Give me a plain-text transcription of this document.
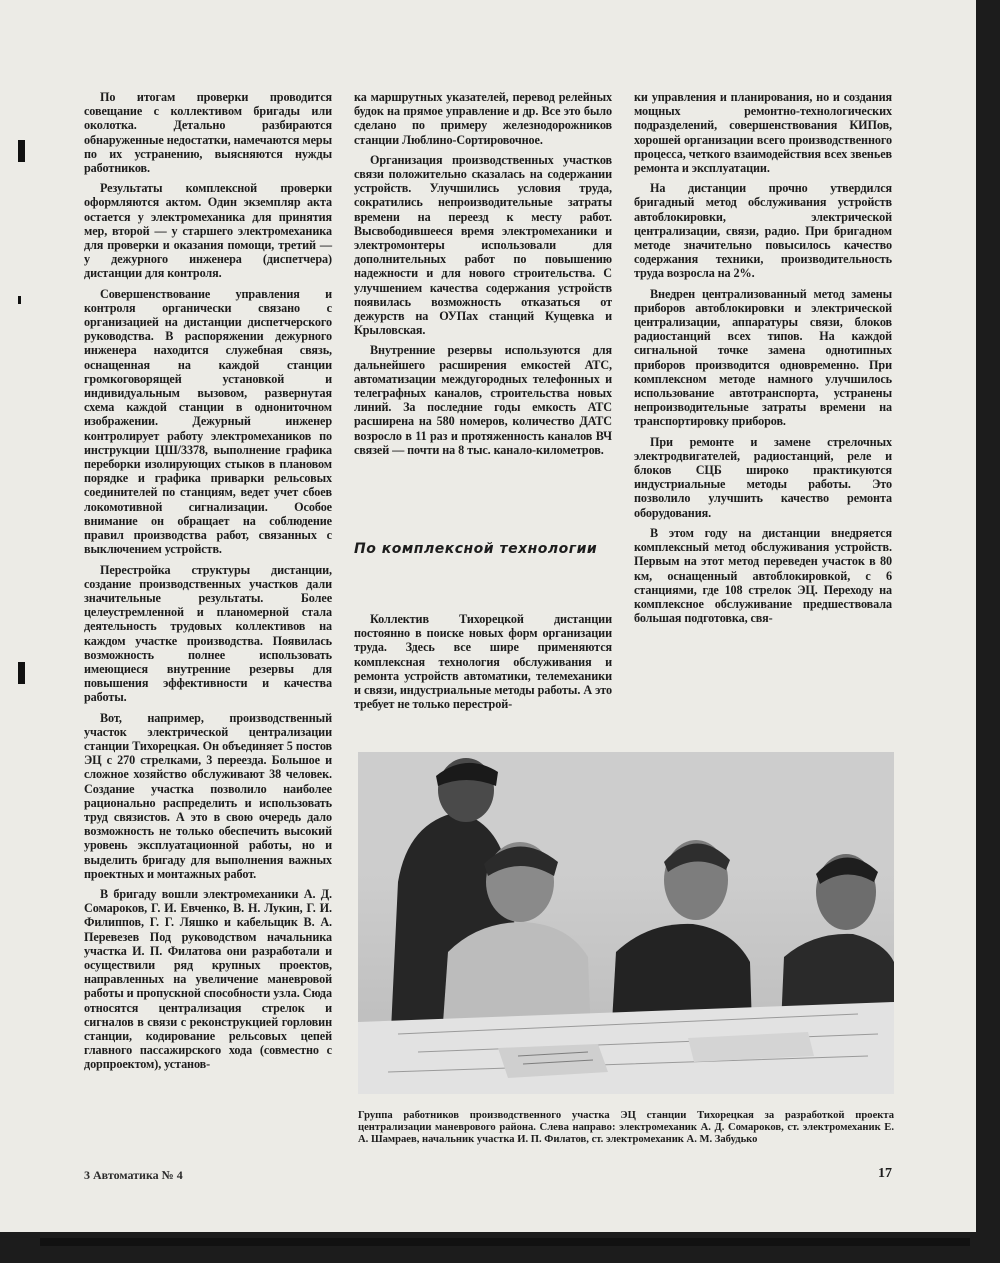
По итогам проверки проводится совещание с коллективом бригады или околотка. Детально разбираются обнаруженные недостатки, намечаются меры по их устранению, выясняются нужды работников.

Результаты комплексной проверки оформляются актом. Один экземпляр акта остается у электромеханика для принятия мер, второй — у старшего электромеханика для проверки и оказания помощи, третий — у дежурного инженера (диспетчера) дистанции для контроля.

Совершенствование управления и контроля органически связано с организацией на дистанции диспетчерского руководства. В распоряжении дежурного инженера находится служебная связь, оснащенная на каждой станции громкоговорящей установкой и индивидуальным вызовом, развернутая схема каждой станции в однониточном изображении. Дежурный инженер контролирует работу электромехаников по инструкции ЦШ/3378, выполнение графика переборки изолирующих стыков в плановом порядке и графика приварки рельсовых соединителей по станциям, ведет учет сбоев локомотивной сигнализации. Особое внимание он обращает на соблюдение правил производства работ, связанных с выключением устройств.

Перестройка структуры дистанции, создание производственных участков дали значительные результаты. Более целеустремленной и планомерной стала деятельность трудовых коллективов на каждом участке производства. Появилась возможность полнее использовать имеющиеся внутренние резервы для повышения эффективности и качества работы.

Вот, например, производственный участок электрической централизации станции Тихорецкая. Он объединяет 5 постов ЭЦ с 270 стрелками, 3 переезда. Большое и сложное хозяйство обслуживают 38 человек. Создание участка позволило наиболее рационально распределить и использовать труд связистов. А это в свою очередь дало возможность не только обеспечить высокий уровень эксплуатационной работы, но и выделить бригаду для выполнения важных проектных и монтажных работ.

В бригаду вошли электромеханики А. Д. Сомароков, Г. И. Евченко, В. Н. Лукин, Г. И. Филиппов, Г. Г. Ляшко и кабельщик В. А. Перевезев Под руководством начальника участка И. П. Филатова они разработали и осуществили ряд крупных проектов, направленных на увеличение маневровой работы и пропускной способности узла. Сюда относятся централизация стрелок и сигналов в связи с реконструкцией горловин станции, кодирование рельсовых цепей главного пассажирского хода (совместно с дорпроектом), установ-

ка маршрутных указателей, перевод релейных будок на прямое управление и др. Все это было сделано по примеру железнодорожников станции Люблино-Сортировочное.

Организация производственных участков связи положительно сказалась на содержании устройств. Улучшились условия труда, сократились непроизводительные затраты времени на переезд к месту работ. Высвободившееся время электромеханики и электромонтеры использовали для дополнительных работ по повышению надежности и для нового строительства. С улучшением качества содержания устройств появилась возможность отказаться от дежурств на ОУПах станций Кущевка и Крыловская.

Внутренние резервы используются для дальнейшего расширения емкостей АТС, автоматизации междугородных телефонных и телеграфных каналов, строительства новых линий. За последние годы емкость АТС расширена на 580 номеров, количество ДАТС возросло в 11 раз и протяженность каналов ВЧ связей — почти на 8 тыс. канало-километров.

По комплексной технологии

Коллектив Тихорецкой дистанции постоянно в поиске новых форм организации труда. Здесь все шире применяются комплексная технология обслуживания и ремонта устройств автоматики, телемеханики и связи, индустриальные методы работы. А это требует не только перестрой-

ки управления и планирования, но и создания мощных ремонтно-технологических подразделений, совершенствования КИПов, хорошей организации всего производственного процесса, четкого взаимодействия всех звеньев ремонта и эксплуатации.

На дистанции прочно утвердился бригадный метод обслуживания устройств автоблокировки, электрической централизации, связи, радио. При бригадном методе значительно повысилось качество содержания техники, производительность труда возросла на 2%.

Внедрен централизованный метод замены приборов автоблокировки и электрической централизации, аппаратуры связи, блоков радиостанций всех типов. На каждой сигнальной точке замена однотипных приборов производится одновременно. При комплексном методе намного улучшилось использование автотранспорта, устранены непроизводительные затраты времени на транспортировку приборов.

При ремонте и замене стрелочных электродвигателей, радиостанций, реле и блоков СЦБ широко практикуются индустриальные методы работы. Это позволило улучшить качество ремонта оборудования.

В этом году на дистанции внедряется комплексный метод обслуживания устройств. Первым на этот метод переведен участок в 80 км, оснащенный автоблокировкой, с 6 станциями, где 108 стрелок ЭЦ. Переходу на комплексное обслуживание предшествовала большая подготовка, свя-

Группа работников производственного участка ЭЦ станции Тихорецкая за разработкой проекта централизации маневрового района. Слева направо: электромеханик А. Д. Сомароков, ст. электромеханик Е. А. Шамраев, начальник участка И. П. Филатов, ст. электромеханик А. М. Забудько
3 Автоматика № 4	17
